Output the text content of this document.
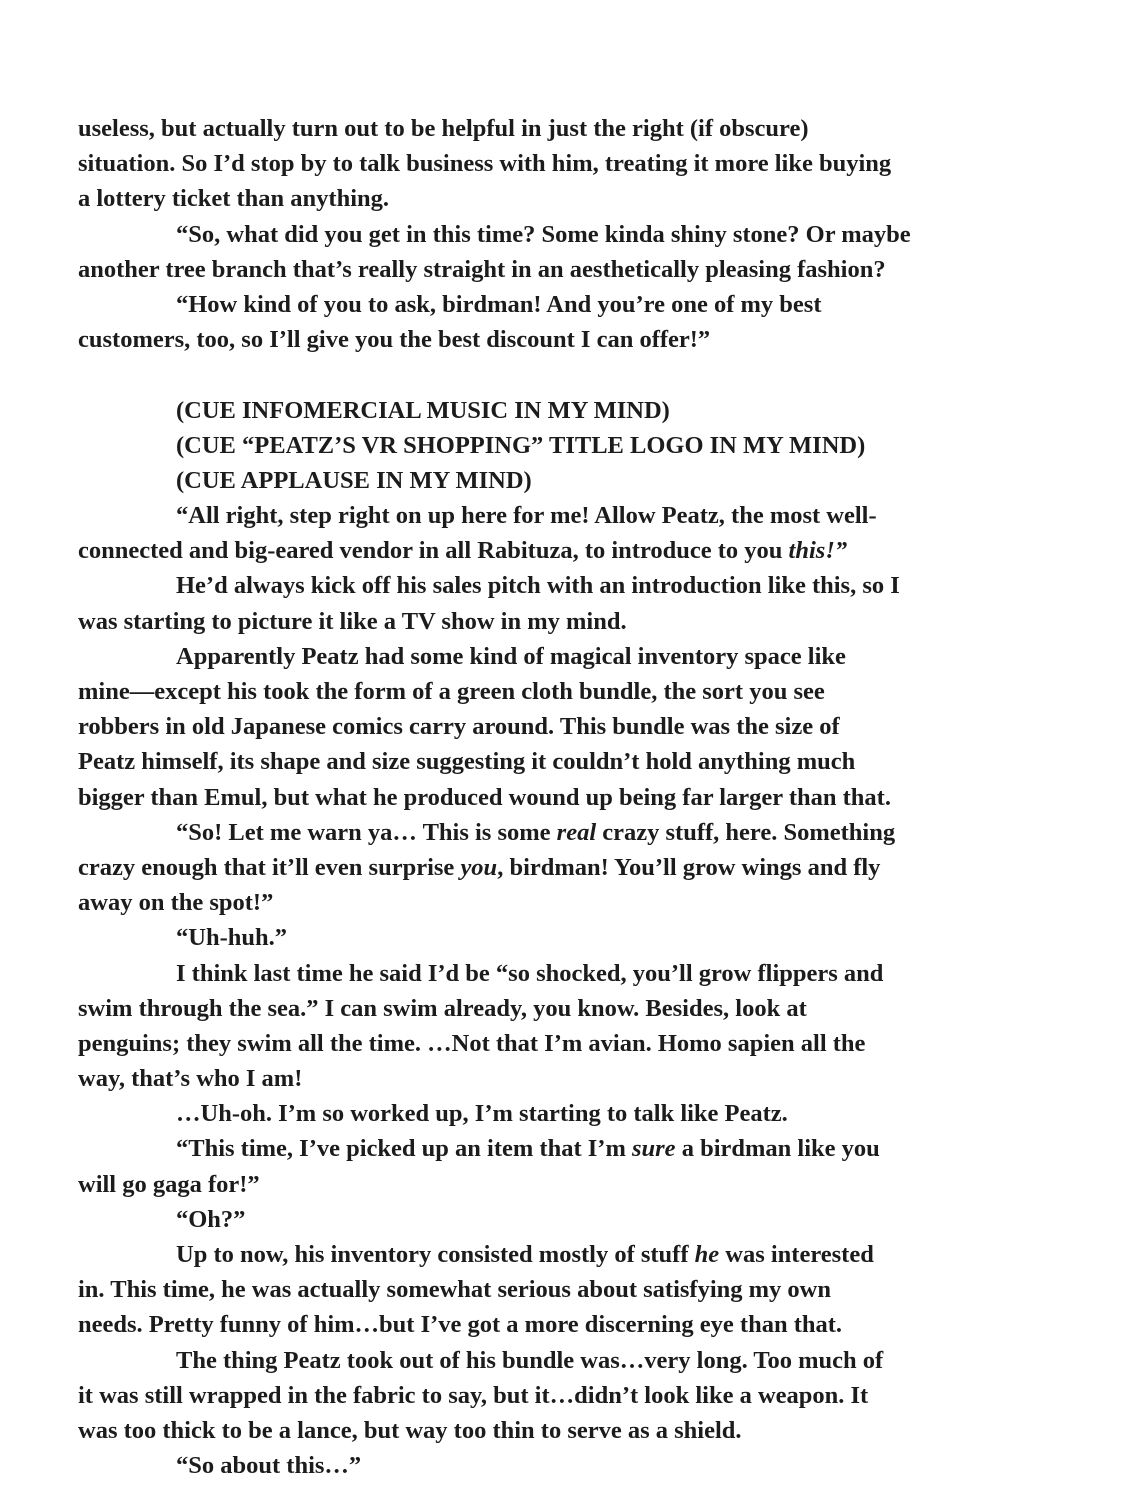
useless, but actually turn out to be helpful in just the right (if obscure)
situation. So I’d stop by to talk business with him, treating it more like buying
a lottery ticket than anything.
“So, what did you get in this time? Some kinda shiny stone? Or maybe
another tree branch that’s really straight in an aesthetically pleasing fashion?
“How kind of you to ask, birdman! And you’re one of my best
customers, too, so I’ll give you the best discount I can offer!”
(CUE INFOMERCIAL MUSIC IN MY MIND)
(CUE “PEATZ’S VR SHOPPING” TITLE LOGO IN MY MIND)
(CUE APPLAUSE IN MY MIND)
“All right, step right on up here for me! Allow Peatz, the most well-
connected and big-eared vendor in all Rabituza, to introduce to you this!”
He’d always kick off his sales pitch with an introduction like this, so I
was starting to picture it like a TV show in my mind.
Apparently Peatz had some kind of magical inventory space like
mine—except his took the form of a green cloth bundle, the sort you see
robbers in old Japanese comics carry around. This bundle was the size of
Peatz himself, its shape and size suggesting it couldn’t hold anything much
bigger than Emul, but what he produced wound up being far larger than that.
“So! Let me warn ya… This is some real crazy stuff, here. Something
crazy enough that it’ll even surprise you, birdman! You’ll grow wings and fly
away on the spot!”
“Uh-huh.”
I think last time he said I’d be “so shocked, you’ll grow flippers and
swim through the sea.” I can swim already, you know. Besides, look at
penguins; they swim all the time. …Not that I’m avian. Homo sapien all the
way, that’s who I am!
…Uh-oh. I’m so worked up, I’m starting to talk like Peatz.
“This time, I’ve picked up an item that I’m sure a birdman like you
will go gaga for!”
“Oh?”
Up to now, his inventory consisted mostly of stuff he was interested
in. This time, he was actually somewhat serious about satisfying my own
needs. Pretty funny of him…but I’ve got a more discerning eye than that.
The thing Peatz took out of his bundle was…very long. Too much of
it was still wrapped in the fabric to say, but it…didn’t look like a weapon. It
was too thick to be a lance, but way too thin to serve as a shield.
“So about this…”
